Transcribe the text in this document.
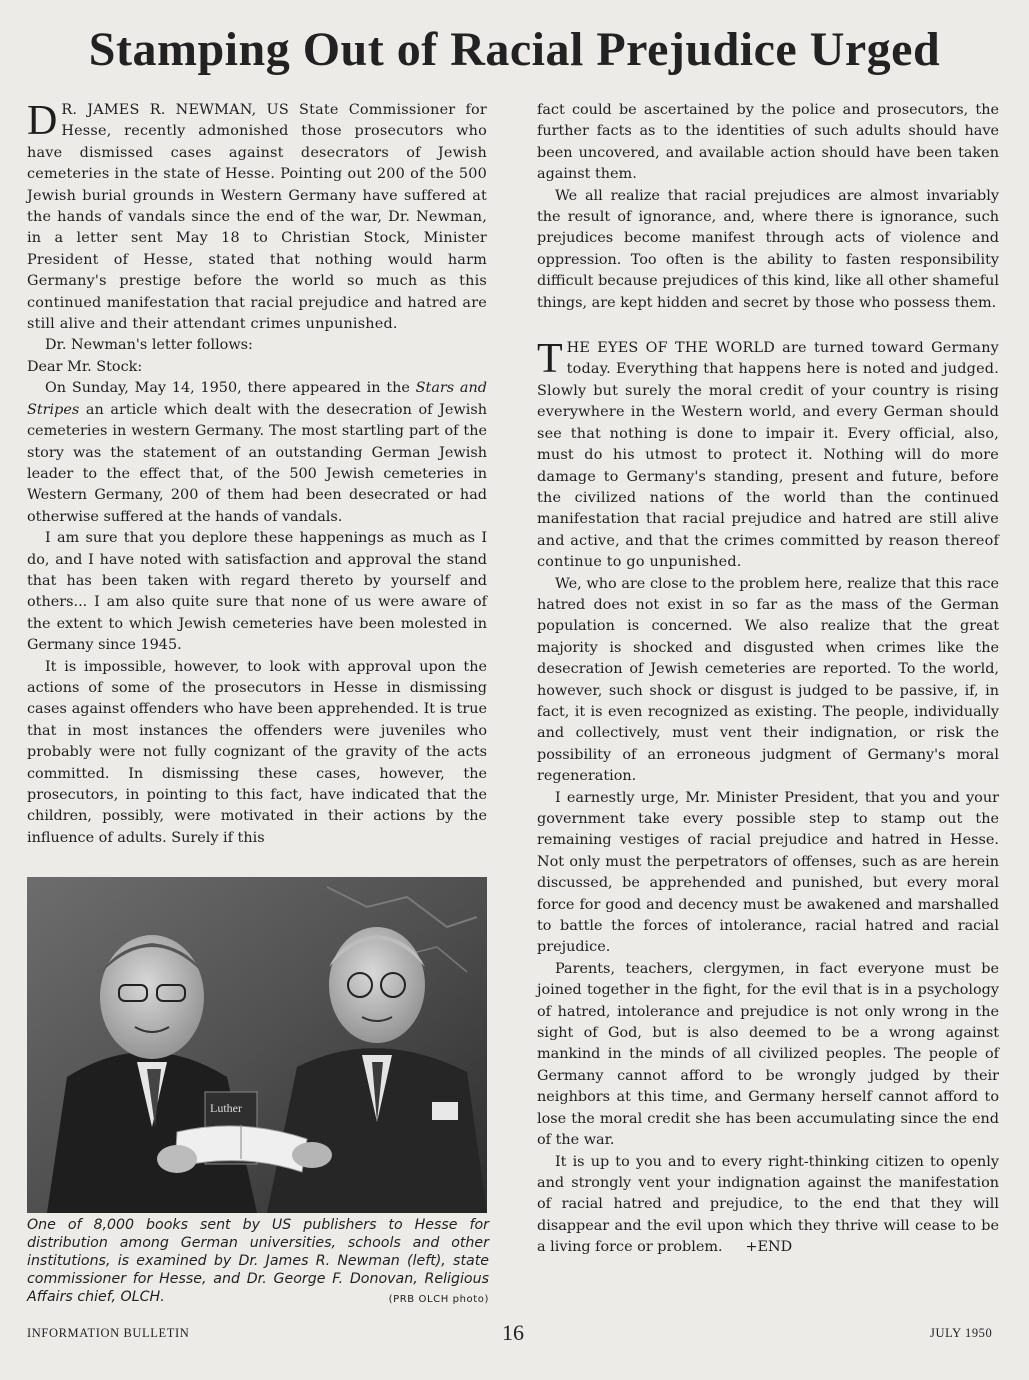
Stamping Out of Racial Prejudice Urged

D R. JAMES R. NEWMAN, US State Commissioner for Hesse, recently admonished those prosecutors who have dismissed cases against desecrators of Jewish cemeteries in the state of Hesse. Pointing out 200 of the 500 Jewish burial grounds in Western Germany have suffered at the hands of vandals since the end of the war, Dr. Newman, in a letter sent May 18 to Christian Stock, Minister President of Hesse, stated that nothing would harm Germany's prestige before the world so much as this continued manifestation that racial prejudice and hatred are still alive and their attendant crimes unpunished.

Dr. Newman's letter follows:

Dear Mr. Stock:

On Sunday, May 14, 1950, there appeared in the Stars and Stripes an article which dealt with the desecration of Jewish cemeteries in western Germany. The most startling part of the story was the statement of an outstanding German Jewish leader to the effect that, of the 500 Jewish cemeteries in Western Germany, 200 of them had been desecrated or had otherwise suffered at the hands of vandals.

I am sure that you deplore these happenings as much as I do, and I have noted with satisfaction and approval the stand that has been taken with regard thereto by yourself and others... I am also quite sure that none of us were aware of the extent to which Jewish cemeteries have been molested in Germany since 1945.

It is impossible, however, to look with approval upon the actions of some of the prosecutors in Hesse in dismissing cases against offenders who have been apprehended. It is true that in most instances the offenders were juveniles who probably were not fully cognizant of the gravity of the acts committed. In dismissing these cases, however, the prosecutors, in pointing to this fact, have indicated that the children, possibly, were motivated in their actions by the influence of adults. Surely if this

Luther
One of 8,000 books sent by US publishers to Hesse for distribution among German universities, schools and other institutions, is examined by Dr. James R. Newman (left), state commissioner for Hesse, and Dr. George F. Donovan, Religious Affairs chief, OLCH.	(PRB OLCH photo)

fact could be ascertained by the police and prosecutors, the further facts as to the identities of such adults should have been uncovered, and available action should have been taken against them.

We all realize that racial prejudices are almost invariably the result of ignorance, and, where there is ignorance, such prejudices become manifest through acts of violence and oppression. Too often is the ability to fasten responsibility difficult because prejudices of this kind, like all other shameful things, are kept hidden and secret by those who possess them.

THE EYES OF THE WORLD are turned toward Germany today. Everything that happens here is noted and judged. Slowly but surely the moral credit of your country is rising everywhere in the Western world, and every German should see that nothing is done to impair it. Every official, also, must do his utmost to protect it. Nothing will do more damage to Germany's standing, present and future, before the civilized nations of the world than the continued manifestation that racial prejudice and hatred are still alive and active, and that the crimes committed by reason thereof continue to go unpunished.

We, who are close to the problem here, realize that this race hatred does not exist in so far as the mass of the German population is concerned. We also realize that the great majority is shocked and disgusted when crimes like the desecration of Jewish cemeteries are reported. To the world, however, such shock or disgust is judged to be passive, if, in fact, it is even recognized as existing. The people, individually and collectively, must vent their indignation, or risk the possibility of an erroneous judgment of Germany's moral regeneration.

I earnestly urge, Mr. Minister President, that you and your government take every possible step to stamp out the remaining vestiges of racial prejudice and hatred in Hesse. Not only must the perpetrators of offenses, such as are herein discussed, be apprehended and punished, but every moral force for good and decency must be awakened and marshalled to battle the forces of intolerance, racial hatred and racial prejudice.

Parents, teachers, clergymen, in fact everyone must be joined together in the fight, for the evil that is in a psychology of hatred, intolerance and prejudice is not only wrong in the sight of God, but is also deemed to be a wrong against mankind in the minds of all civilized peoples. The people of Germany cannot afford to be wrongly judged by their neighbors at this time, and Germany herself cannot afford to lose the moral credit she has been accumulating since the end of the war.

It is up to you and to every right-thinking citizen to openly and strongly vent your indignation against the manifestation of racial hatred and prejudice, to the end that they will disappear and the evil upon which they thrive will cease to be a living force or problem. +END

INFORMATION BULLETIN	16	JULY 1950
